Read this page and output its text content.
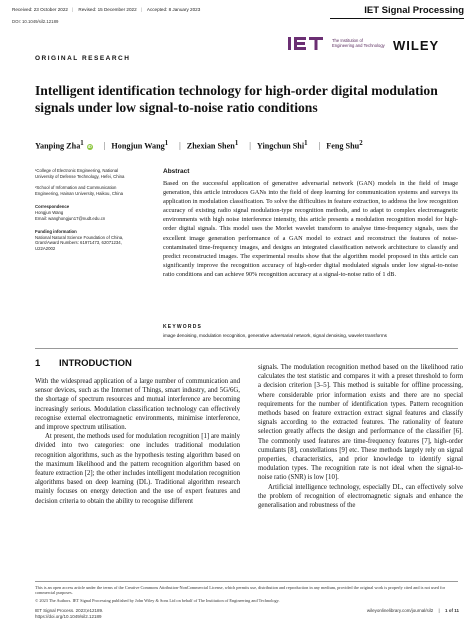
Received: 23 October 2022 | Revised: 15 December 2022 | Accepted: 8 January 2023
DOI: 10.1049/sil2.12189
IET Signal Processing
The Institution of
Engineering and Technology WILEY
ORIGINAL RESEARCH
Intelligent identification technology for high-order digital modulation signals under low signal-to-noise ratio conditions
Yanping Zha$^1$ iD | Hongjun Wang$^1$ | Zhexian Shen$^1$ | Yingchun Shi$^1$ | Feng Shu$^2$

¹College of Electronic Engineering, National University of Defense Technology, Hefei, China

²School of Information and Communication Engineering, Hainan University, Haikou, China

Correspondence
Hongjun Wang

Email: wanghongjun17@nudt.edu.cn

Funding information

National Natural Science Foundation of China, Grant/Award Numbers: 61971473, 62071234, U22A2002

Abstract
Based on the successful application of generative adversarial network (GAN) models in the field of image generation, this article introduces GANs into the field of deep learning for communication systems and surveys its application in modulation classification. To solve the difficulties in feature extraction, to address the low recognition accuracy of existing radio signal modulation-type recognition methods, and to adapt to complex electromagnetic environments with high noise interference intensity, this article presents a modulation recognition model for high-order digital signals. This model uses the Morlet wavelet transform to analyse time-frequency signals, uses the excellent image generation performance of a GAN model to extract and reconstruct the features of noise-contaminated time-frequency images, and designs an integrated classification network architecture to classify and predict reconstructed images. The experimental results show that the algorithm model proposed in this article can significantly improve the recognition accuracy of high-order digital modulated signals under low signal-to-noise ratio conditions and can achieve 90% recognition accuracy at a signal-to-noise ratio of 1 dB.
KEYWORDS
image denoising, modulation recognition, generative adversarial network, signal denoising, wavelet transforms
1 INTRODUCTION

With the widespread application of a large number of communication and sensor devices, such as the Internet of Things, smart industry, and 5G/6G, the shortage of spectrum resources and mutual interference are becoming increasingly serious. Modulation classification technology can effectively recognise external electromagnetic environments, minimise interference, and improve spectrum utilisation.

At present, the methods used for modulation recognition [1] are mainly divided into two categories: one includes traditional modulation recognition algorithms, such as the hypothesis testing algorithm based on the maximum likelihood and the pattern recognition algorithm based on feature extraction [2]; the other includes intelligent modulation recognition algorithms based on deep learning (DL). Traditional algorithm research mainly focuses on energy detection and the use of expert features and decision criteria to obtain the ability to recognise different

signals. The modulation recognition method based on the likelihood ratio calculates the test statistic and compares it with a preset threshold to form a decision criterion [3–5]. This method is suitable for offline processing, where considerable prior information exists and there are no special requirements for the number of identification types. Pattern recognition methods based on feature extraction extract signal features and classify signals according to the extracted features. The rationality of feature selection greatly affects the design and performance of the classifier [6]. The commonly used features are time-frequency features [7], high-order cumulants [8], constellations [9] etc. These methods largely rely on signal properties, characteristics, and prior knowledge to identify signal modulation types. The recognition rate is not ideal when the signal-to-noise ratio (SNR) is low [10].

Artificial intelligence technology, especially DL, can effectively solve the problem of recognition of electromagnetic signals and enhance the generalisation and robustness of the

This is an open access article under the terms of the Creative Commons Attribution-NonCommercial License, which permits use, distribution and reproduction in any medium, provided the original work is properly cited and is not used for commercial purposes.
© 2023 The Authors. IET Signal Processing published by John Wiley & Sons Ltd on behalf of The Institution of Engineering and Technology.
IET Signal Process. 2023;e12189.
https://doi.org/10.1049/sil2.12189
wileyonlinelibrary.com/journal/sil2 | 1 of 11
